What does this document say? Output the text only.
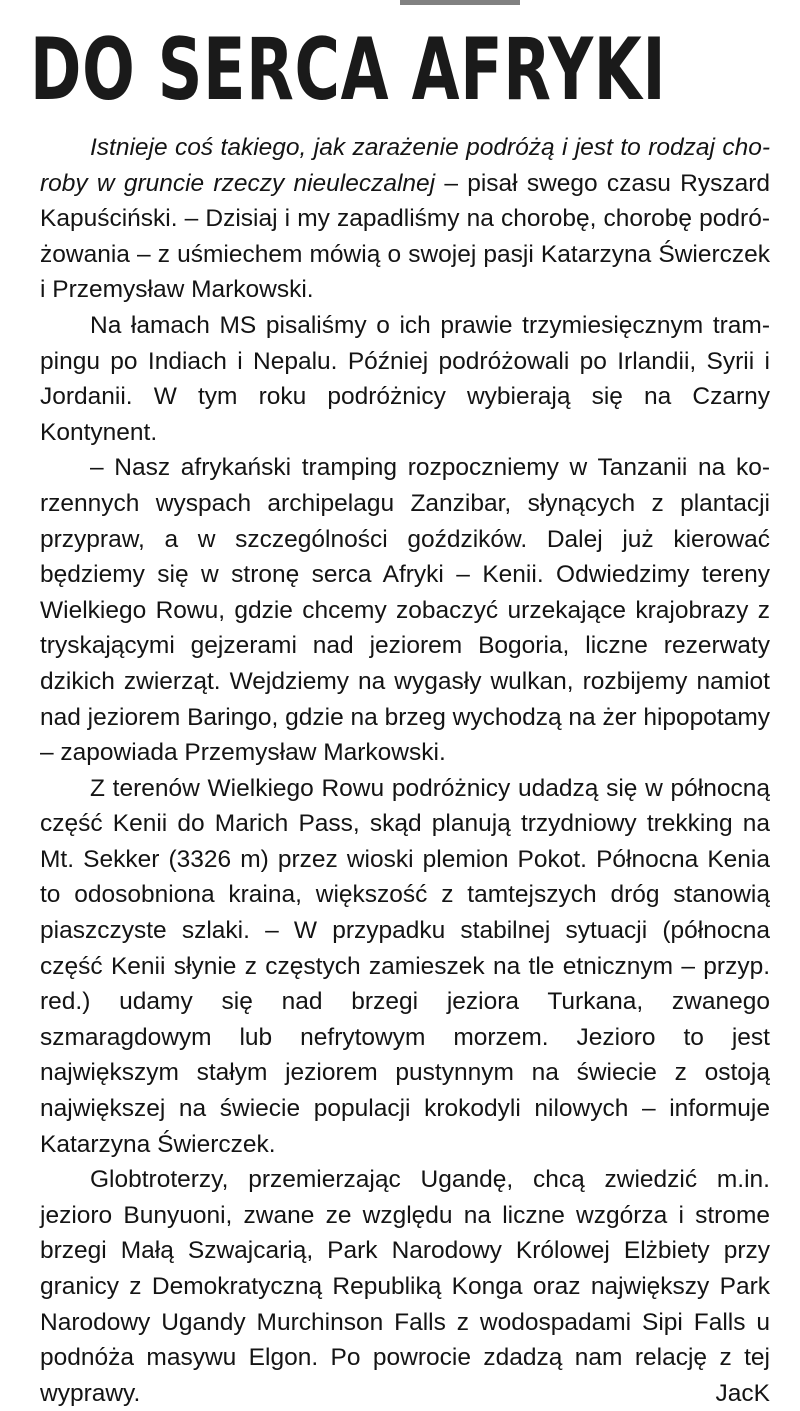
DO SERCA AFRYKI

Istnieje coś takiego, jak zarażenie podróżą i jest to rodzaj choroby w gruncie rzeczy nieuleczalnej – pisał swego czasu Ryszard Kapuściński. – Dzisiaj i my zapadliśmy na chorobę, chorobę podróżowania – z uśmiechem mówią o swojej pasji Katarzyna Świerczek i Przemysław Markowski.

Na łamach MS pisaliśmy o ich prawie trzymiesięcznym trampingu po Indiach i Nepalu. Później podróżowali po Irlandii, Syrii i Jordanii. W tym roku podróżnicy wybierają się na Czarny Kontynent.

– Nasz afrykański tramping rozpoczniemy w Tanzanii na korzennych wyspach archipelagu Zanzibar, słynących z plantacji przypraw, a w szczególności goździków. Dalej już kierować będziemy się w stronę serca Afryki – Kenii. Odwiedzimy tereny Wielkiego Rowu, gdzie chcemy zobaczyć urzekające krajobrazy z tryskającymi gejzerami nad jeziorem Bogoria, liczne rezerwaty dzikich zwierząt. Wejdziemy na wygasły wulkan, rozbijemy namiot nad jeziorem Baringo, gdzie na brzeg wychodzą na żer hipopotamy – zapowiada Przemysław Markowski.

Z terenów Wielkiego Rowu podróżnicy udadzą się w północną część Kenii do Marich Pass, skąd planują trzydniowy trekking na Mt. Sekker (3326 m) przez wioski plemion Pokot. Północna Kenia to odosobniona kraina, większość z tamtejszych dróg stanowią piaszczyste szlaki. – W przypadku stabilnej sytuacji (północna część Kenii słynie z częstych zamieszek na tle etnicznym – przyp. red.) udamy się nad brzegi jeziora Turkana, zwanego szmaragdowym lub nefrytowym morzem. Jezioro to jest największym stałym jeziorem pustynnym na świecie z ostoją największej na świecie populacji krokodyli nilowych – informuje Katarzyna Świerczek.

Globtroterzy, przemierzając Ugandę, chcą zwiedzić m.in. jezioro Bunyuoni, zwane ze względu na liczne wzgórza i strome brzegi Małą Szwajcarią, Park Narodowy Królowej Elżbiety przy granicy z Demokratyczną Republiką Konga oraz największy Park Narodowy Ugandy Murchinson Falls z wodospadami Sipi Falls u podnóża masywu Elgon. Po powrocie zdadzą nam relację z tej wyprawy.	JacK
